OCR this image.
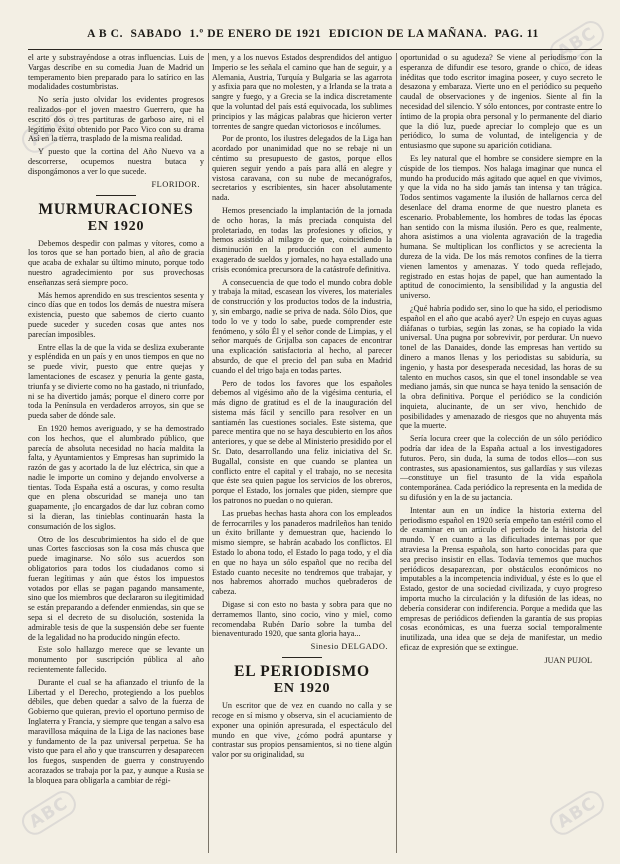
ABC
ABC
ABC	ABC
A B C. SABADO 1.º DE ENERO DE 1921 EDICION DE LA MAÑANA. PAG. 11

el arte y substrayéndose a otras influencias. Luis de Vargas describe en su comedia Juan de Madrid un temperamento bien preparado para lo satírico en las modalidades costumbristas.

No sería justo olvidar los evidentes progresos realizados por el joven maestro Guerrero, que ha escrito dos o tres partituras de garboso aire, ni el legítimo éxito obtenido por Paco Vico con su drama Así en la tierra, trasplado de la misma realidad.

Y puesto que la cortina del Año Nuevo va a descorrerse, ocupemos nuestra butaca y dispongámonos a ver lo que sucede.

FLORIDOR.
MURMURACIONES
EN 1920

Debemos despedir con palmas y vítores, como a los toros que se han portado bien, al año de gracia que acaba de exhalar su último minuto, porque todo nuestro agradecimiento por sus provechosas enseñanzas será siempre poco.

Más hemos aprendido en sus trescientos sesenta y cinco días que en todos los demás de nuestra mísera existencia, puesto que sabemos de cierto cuanto puede suceder y suceden cosas que antes nos parecían imposibles.

Entre ellas la de que la vida se desliza exuberante y espléndida en un país y en unos tiempos en que no se puede vivir, puesto que entre quejas y lamentaciones de escasez y penuria la gente gasta, triunfa y se divierte como no ha gastado, ni triunfado, ni se ha divertido jamás; porque el dinero corre por toda la Península en verdaderos arroyos, sin que se pueda saber de dónde sale.

En 1920 hemos averiguado, y se ha demostrado con los hechos, que el alumbrado público, que parecía de absoluta necesidad no hacía maldita la falta, y Ayuntamientos y Empresas han suprimido la razón de gas y acortado la de luz eléctrica, sin que a nadie le importe un comino y dejando envolverse a tientas. Toda España está a oscuras, y como resulta que en plena obscuridad se maneja uno tan guapamente, ¡lo encargados de dar luz cobran como si la dieran, las tinieblas continuarán hasta la consumación de los siglos.

Otro de los descubrimientos ha sido el de que unas Cortes fascciosas son la cosa más chusca que puede imaginarse. No sólo sus acuerdos son obligatorios para todos los ciudadanos como si fueran legítimas y aún que éstos los impuestos votados por ellas se pagan pagando mansamente, sino que los miembros que declararon su ilegitimidad se están preparando a defender enmiendas, sin que se sepa si el decreto de su disolución, sostenida la admirable tesis de que la suspensión debe ser fuente de la legalidad no ha producido ningún efecto.

Este solo hallazgo merece que se levante un monumento por suscripción pública al año recientemente fallecido.

Durante el cual se ha afianzado el triunfo de la Libertad y el Derecho, protegiendo a los pueblos débiles, que deben quedar a salvo de la fuerza de Gobierno que quieran, previo el oportuno permiso de Inglaterra y Francia, y siempre que tengan a salvo esa maravillosa máquina de la Liga de las naciones base y fundamento de la paz universal perpetua. Se ha visto que para el año y que transcurren y desaparecen los fuegos, suspenden de guerra y construyendo acorazados se trabaja por la paz, y aunque a Rusia se la bloquea para obligarla a cambiar de régi-

men, y a los nuevos Estados desprendidos del antiguo Imperio se les señala el camino que han de seguir, y a Alemania, Austria, Turquía y Bulgaria se las agarrota y asfixia para que no molesten, y a Irlanda se la trata a sangre y fuego, y a Grecia se la indica discretamente que la voluntad del país está equivocada, los sublimes principios y las mágicas palabras que hicieron verter torrentes de sangre quedan victoriosos e incólumes.

Por de pronto, los ilustres delegados de la Liga han acordado por unanimidad que no se rebaje ni un céntimo su presupuesto de gastos, porque ellos quieren seguir yendo a país para allá en alegre y vistosa caravana, con su nube de mecanógrafos, secretarios y escribientes, sin hacer absolutamente nada.

Hemos presenciado la implantación de la jornada de ocho horas, la más preciada conquista del proletariado, en todas las profesiones y oficios, y hemos asistido al milagro de que, coincidiendo la disminución en la producción con el aumento exagerado de sueldos y jornales, no haya estallado una crisis económica precursora de la catástrofe definitiva.

A consecuencia de que todo el mundo cobra doble y trabaja la mitad, escasean los víveres, los materiales de construcción y los productos todos de la industria, y, sin embargo, nadie se priva de nada. Sólo Dios, que todo lo ve y todo lo sabe, puede comprender este fenómeno, y sólo Él y el señor conde de Limpias, y el señor marqués de Grijalba son capaces de encontrar una explicación satisfactoria al hecho, al parecer absurdo, de que el precio del pan suba en Madrid cuando el del trigo baja en todas partes.

Pero de todos los favores que los españoles debemos al vigésimo año de la vigésima centuria, el más digno de gratitud es el de la inauguración del sistema más fácil y sencillo para resolver en un santiamén las cuestiones sociales. Este sistema, que parece mentira que no se haya descubierto en los años anteriores, y que se debe al Ministerio presidido por el Sr. Dato, desarrollando una feliz iniciativa del Sr. Bugallal, consiste en que cuando se plantea un conflicto entre el capital y el trabajo, no se necesita que éste sea quien pague los servicios de los obreros, porque el Estado, los jornales que piden, siempre que los patronos no puedan o no quieran.

Las pruebas hechas hasta ahora con los empleados de ferrocarriles y los panaderos madrileños han tenido un éxito brillante y demuestran que, haciendo lo mismo siempre, se habrán acabado los conflictos. El Estado lo abona todo, el Estado lo paga todo, y el día en que no haya un sólo español que no reciba del Estado cuanto necesite no tendremos que trabajar, y nos habremos ahorrado muchos quebraderos de cabeza.

Digase si con esto no basta y sobra para que no derramemos llanto, sino cocio, vino y miel, como recomendaba Rubén Darío sobre la tumba del bienaventurado 1920, que santa gloria haya...

Sinesio DELGADO.
EL PERIODISMO
EN 1920

Un escritor que de vez en cuando no calla y se recoge en sí mismo y observa, sin el acuciamiento de exponer una opinión apresurada, el espectáculo del mundo en que vive, ¿cómo podrá apuntarse y contrastar sus propios pensamientos, si no tiene algún valor por su originalidad, su

oportunidad o su agudeza? Se viene al periodismo con la esperanza de difundir ese tesoro, grande o chico, de ideas inéditas que todo escritor imagina poseer, y cuyo secreto le desazona y embaraza. Vierte uno en el periódico su pequeño caudal de observaciones y de ingenios. Siente al fin la necesidad del silencio. Y sólo entonces, por contraste entre lo íntimo de la propia obra personal y lo permanente del diario que la dió luz, puede apreciar lo complejo que es un periódico, lo suma de voluntad, de inteligencia y de entusiasmo que supone su aparición cotidiana.

Es ley natural que el hombre se considere siempre en la cúspide de los tiempos. Nos halaga imaginar que nunca el mundo ha producido más agitado que aquel en que vivimos, y que la vida no ha sido jamás tan intensa y tan trágica. Todos sentimos vagamente la ilusión de hallarnos cerca del desenlace del drama enorme de que nuestro planeta es escenario. Probablemente, los hombres de todas las épocas han sentido con la misma ilusión. Pero es que, realmente, ahora asistimos a una violenta agravación de la tragedia humana. Se multiplican los conflictos y se acrecienta la dureza de la vida. De los más remotos confines de la tierra vienen lamentos y amenazas. Y todo queda reflejado, registrado en estas hojas de papel, que han aumentado la aptitud de conocimiento, la sensibilidad y la angustia del universo.

¿Qué habría podido ser, sino lo que ha sido, el periodismo español en el año que acabó ayer? Un espejo en cuyas aguas diáfanas o turbias, según las zonas, se ha copiado la vida universal. Una pugna por sobrevivir, por perdurar. Un nuevo tonel de las Danaides, donde las empresas han vertido su dinero a manos llenas y los periodistas su sabiduría, su ingenio, y hasta por desesperada necesidad, las horas de su talento en muchos casos, sin que el tonel insondable se vea mediano jamás, sin que nunca se haya tenido la sensación de la obra definitiva. Porque el periódico se la condición inquieta, alucinante, de un ser vivo, henchido de posibilidades y amenazado de riesgos que no ahuyenta más que la muerte.

Sería locura creer que la colección de un sólo periódico podría dar idea de la España actual a los investigadores futuros. Pero, sin duda, la suma de todos ellos—con sus contrastes, sus apasionamientos, sus gallardías y sus vilezas—constituye un fiel trasunto de la vida española contemporánea. Cada periódico la representa en la medida de su difusión y en la de su jactancia.

Intentar aun en un índice la historia externa del periodismo español en 1920 sería empeño tan estéril como el de examinar en un artículo el periodo de la historia del mundo. Y en cuanto a las dificultades internas por que atraviesa la Prensa española, son harto conocidas para que sea preciso insistir en ellas. Todavía tememos que muchos periódicos desaparezcan, por obstáculos económicos no imputables a la incompetencia individual, y éste es lo que el Estado, gestor de una sociedad civilizada, y cuyo progreso importa mucho la circulación y la difusión de las ideas, no debería considerar con indiferencia. Porque a medida que las empresas de periódicos defienden la garantía de sus propias cosas económicas, es una fuerza social temporalmente inutilizada, una idea que se deja de manifestar, un medio eficaz de expresión que se extingue.

JUAN PUJOL
